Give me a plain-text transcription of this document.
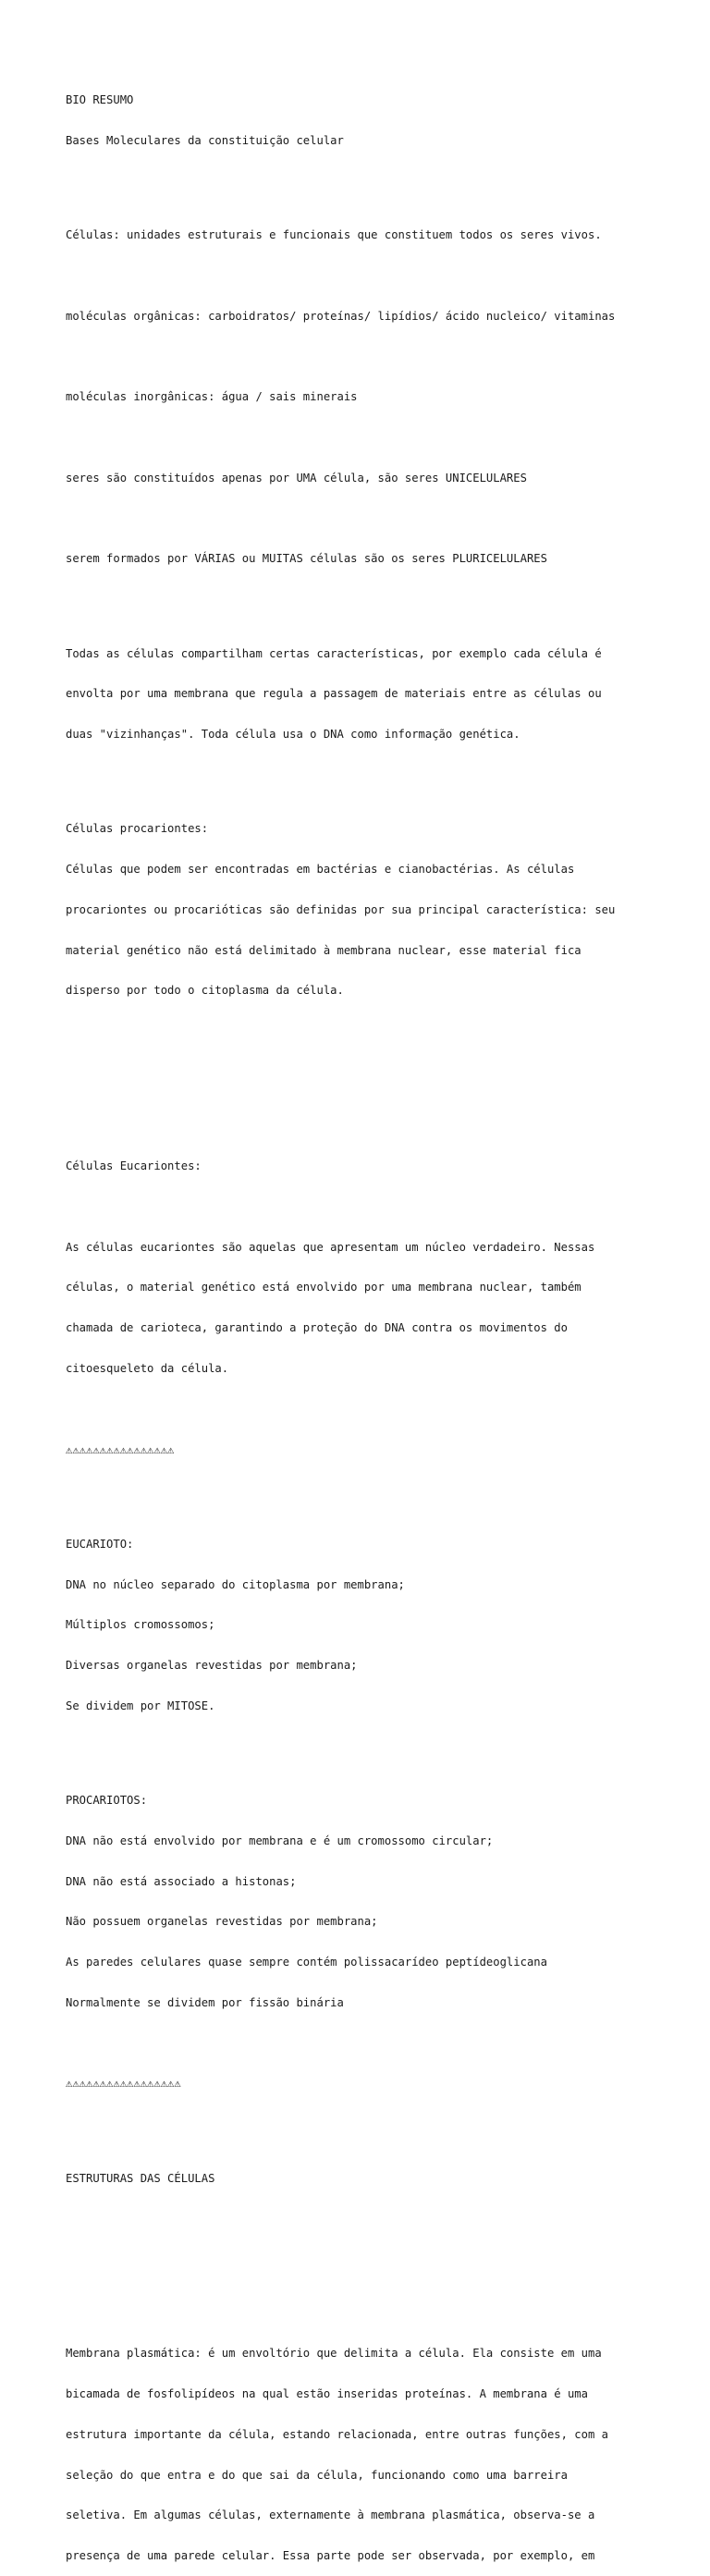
BIO RESUMO

Bases Moleculares da constituição celular

Células: unidades estruturais e funcionais que constituem todos os seres vivos.

moléculas orgânicas: carboidratos/ proteínas/ lipídios/ ácido nucleico/ vitaminas

moléculas inorgânicas: água / sais minerais

seres são constituídos apenas por UMA célula, são seres UNICELULARES

serem formados por VÁRIAS ou MUITAS células são os seres PLURICELULARES

Todas as células compartilham certas características, por exemplo cada célula é

envolta por uma membrana que regula a passagem de materiais entre as células ou

duas "vizinhanças". Toda célula usa o DNA como informação genética.

Células procariontes:

Células que podem ser encontradas em bactérias e cianobactérias. As células

procariontes ou procarióticas são definidas por sua principal característica: seu

material genético não está delimitado à membrana nuclear, esse material fica

disperso por todo o citoplasma da célula.

￼

Células Eucariontes:

As células eucariontes são aquelas que apresentam um núcleo verdadeiro. Nessas

células, o material genético está envolvido por uma membrana nuclear, também

chamada de carioteca, garantindo a proteção do DNA contra os movimentos do

citoesqueleto da célula.

￼

⚠⚠⚠⚠⚠⚠⚠⚠⚠⚠⚠⚠⚠⚠⚠⚠

EUCARIOTO:

DNA no núcleo separado do citoplasma por membrana;

Múltiplos cromossomos;

Diversas organelas revestidas por membrana;

Se dividem por MITOSE.

PROCARIOTOS:

DNA não está envolvido por membrana e é um cromossomo circular;

DNA não está associado a histonas;

Não possuem organelas revestidas por membrana;

As paredes celulares quase sempre contém polissacarídeo peptídeoglicana

Normalmente se dividem por fissão binária

⚠⚠⚠⚠⚠⚠⚠⚠⚠⚠⚠⚠⚠⚠⚠⚠⚠

ESTRUTURAS DAS CÉLULAS

￼

Membrana plasmática: é um envoltório que delimita a célula. Ela consiste em uma

bicamada de fosfolipídeos na qual estão inseridas proteínas. A membrana é uma

estrutura importante da célula, estando relacionada, entre outras funções, com a

seleção do que entra e do que sai da célula, funcionando como uma barreira

seletiva. Em algumas células, externamente à membrana plasmática, observa-se a

presença de uma parede celular. Essa parte pode ser observada, por exemplo, em
